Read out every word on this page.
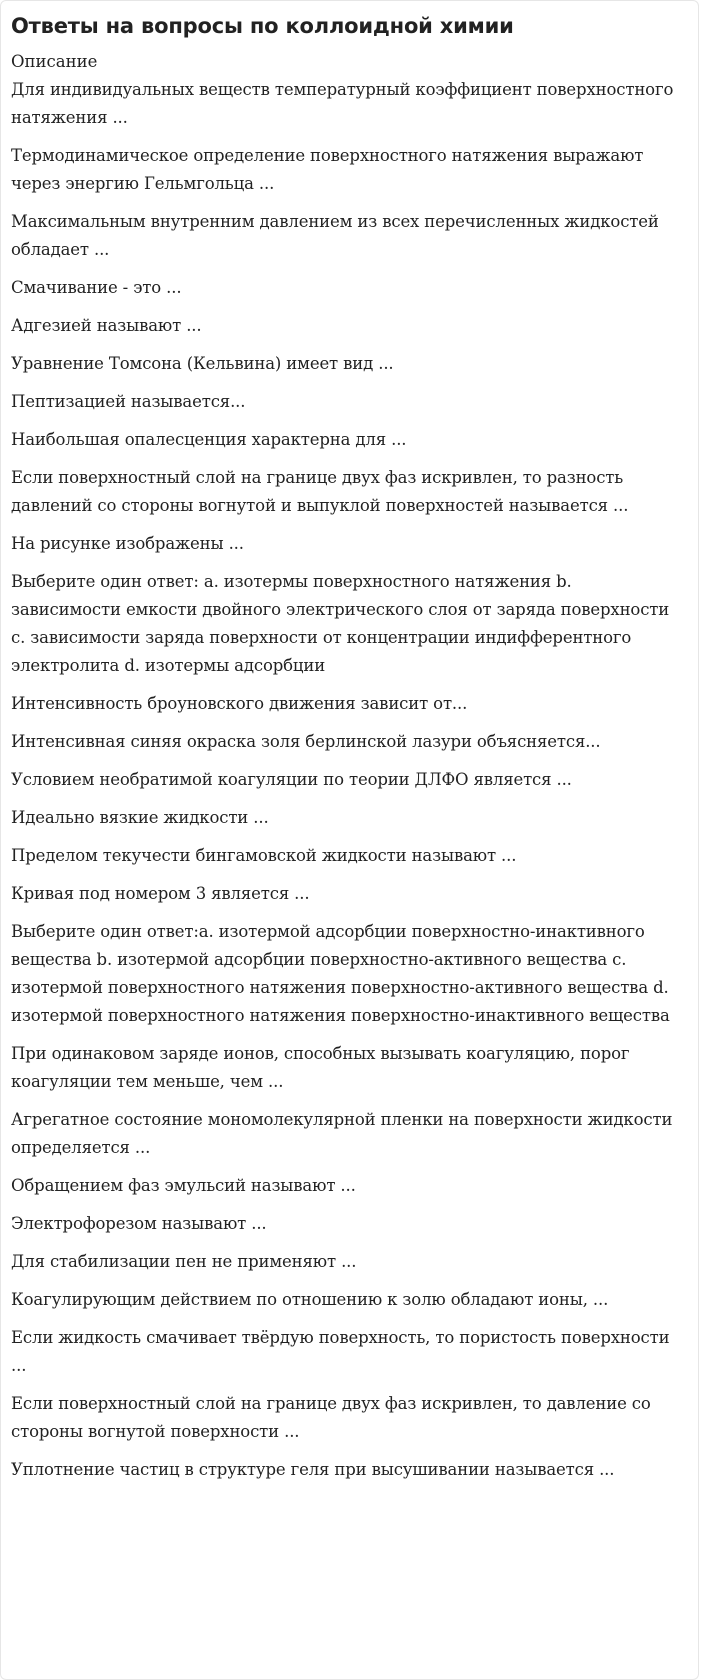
Ответы на вопросы по коллоидной химии

Описание

Для индивидуальных веществ температурный коэффициент поверхностного натяжения ...
Термодинамическое определение поверхностного натяжения выражают через энергию Гельмгольца ...
Максимальным внутренним давлением из всех перечисленных жидкостей обладает ...
Смачивание - это ...
Адгезией называют ...
Уравнение Томсона (Кельвина) имеет вид ...
Пептизацией называется...
Наибольшая опалесценция характерна для ...
Если поверхностный слой на границе двух фаз искривлен, то разность давлений со стороны вогнутой и выпуклой поверхностей называется ...
На рисунке изображены ...
Выберите один ответ: a. изотермы поверхностного натяжения b. зависимости емкости двойного электрического слоя от заряда поверхности c. зависимости заряда поверхности от концентрации индифферентного электролита d. изотермы адсорбции
Интенсивность броуновского движения зависит от...
Интенсивная синяя окраска золя берлинской лазури объясняется...
Условием необратимой коагуляции по теории ДЛФО является ...
Идеально вязкие жидкости ...
Пределом текучести бингамовской жидкости называют ...
Кривая под номером 3 является ...
Выберите один ответ:a. изотермой адсорбции поверхностно-инактивного вещества b. изотермой адсорбции поверхностно-активного вещества c. изотермой поверхностного натяжения поверхностно-активного вещества d. изотермой поверхностного натяжения поверхностно-инактивного вещества
При одинаковом заряде ионов, способных вызывать коагуляцию, порог коагуляции тем меньше, чем ...
Агрегатное состояние мономолекулярной пленки на поверхности жидкости определяется ...
Обращением фаз эмульсий называют ...
Электрофорезом называют ...
Для стабилизации пен не применяют ...
Коагулирующим действием по отношению к золю обладают ионы, ...
Если жидкость смачивает твёрдую поверхность, то пористость поверхности ...
Если поверхностный слой на границе двух фаз искривлен, то давление со стороны вогнутой поверхности ...
Уплотнение частиц в структуре геля при высушивании называется ...
